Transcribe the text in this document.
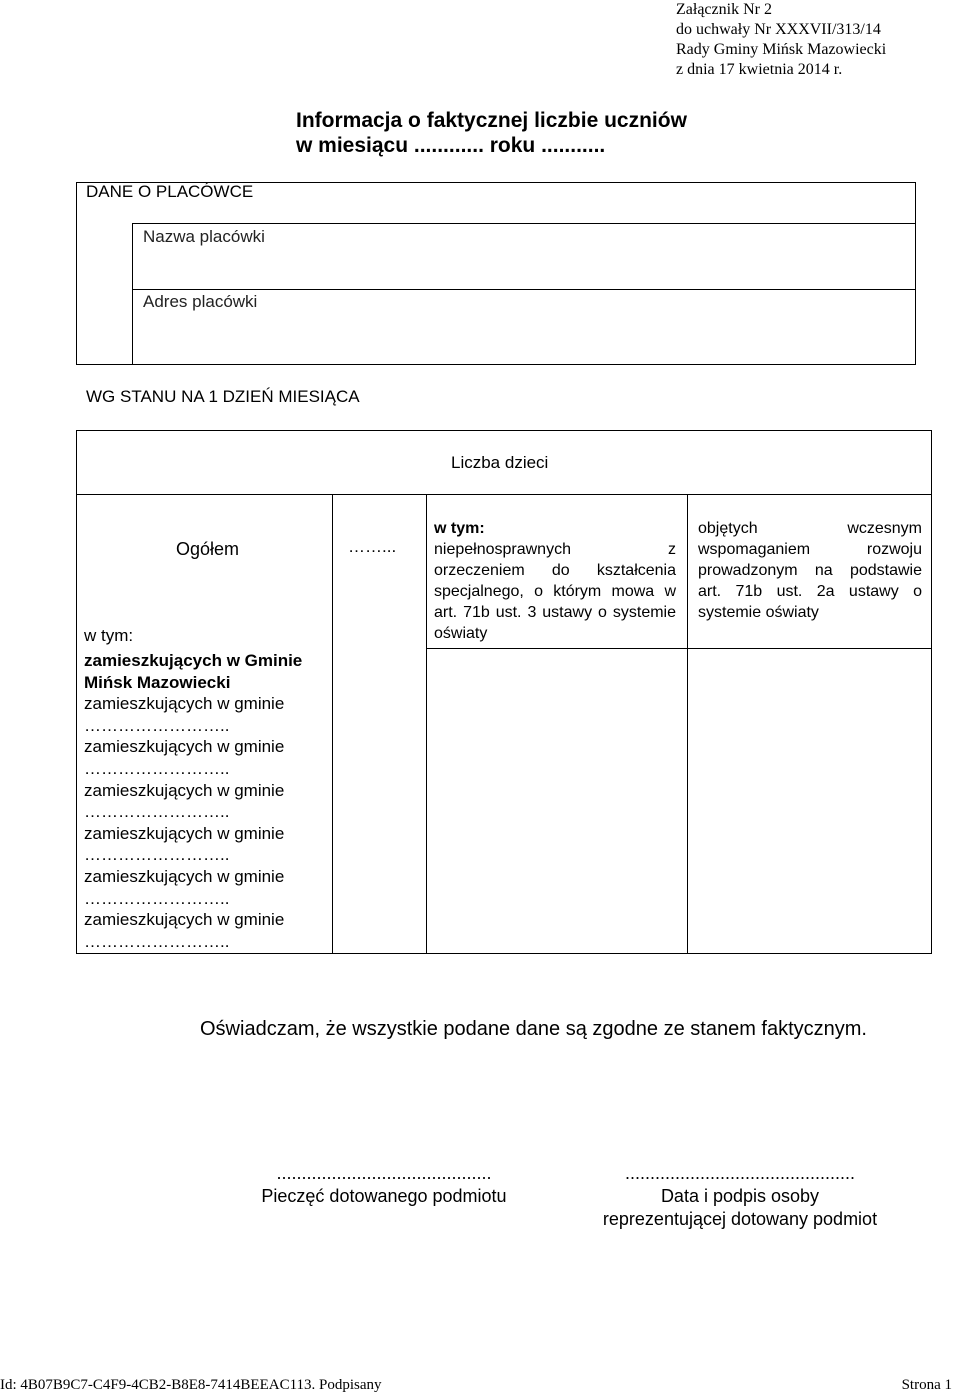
Załącznik Nr 2
do uchwały Nr XXXVII/313/14
Rady Gminy Mińsk Mazowiecki
z dnia 17 kwietnia 2014 r.
Informacja o faktycznej liczbie uczniów
w miesiącu ............ roku ...........
DANE O PLACÓWCE
Nazwa placówki
Adres placówki
WG STANU NA 1 DZIEŃ MIESIĄCA
Liczba dzieci
Ogółem	……...
w tym:
niepełnosprawnych z orzeczeniem do kształcenia specjalnego, o którym mowa w art. 71b ust. 3 ustawy o systemie oświaty
objętych wczesnym wspomaganiem rozwoju prowadzonym na podstawie art. 71b ust. 2a ustawy o systemie oświaty
w tym:
zamieszkujących w Gminie Mińsk Mazowiecki
zamieszkujących w gminie ……………………..
zamieszkujących w gminie ……………………..
zamieszkujących w gminie ……………………..
zamieszkujących w gminie ……………………..
zamieszkujących w gminie ……………………..
zamieszkujących w gminie ……………………..
Oświadczam, że wszystkie podane dane są zgodne ze stanem faktycznym.
...........................................
Pieczęć dotowanego podmiotu
..............................................
Data i podpis osoby
reprezentującej dotowany podmiot
Id: 4B07B9C7-C4F9-4CB2-B8E8-7414BEEAC113. Podpisany	Strona 1
